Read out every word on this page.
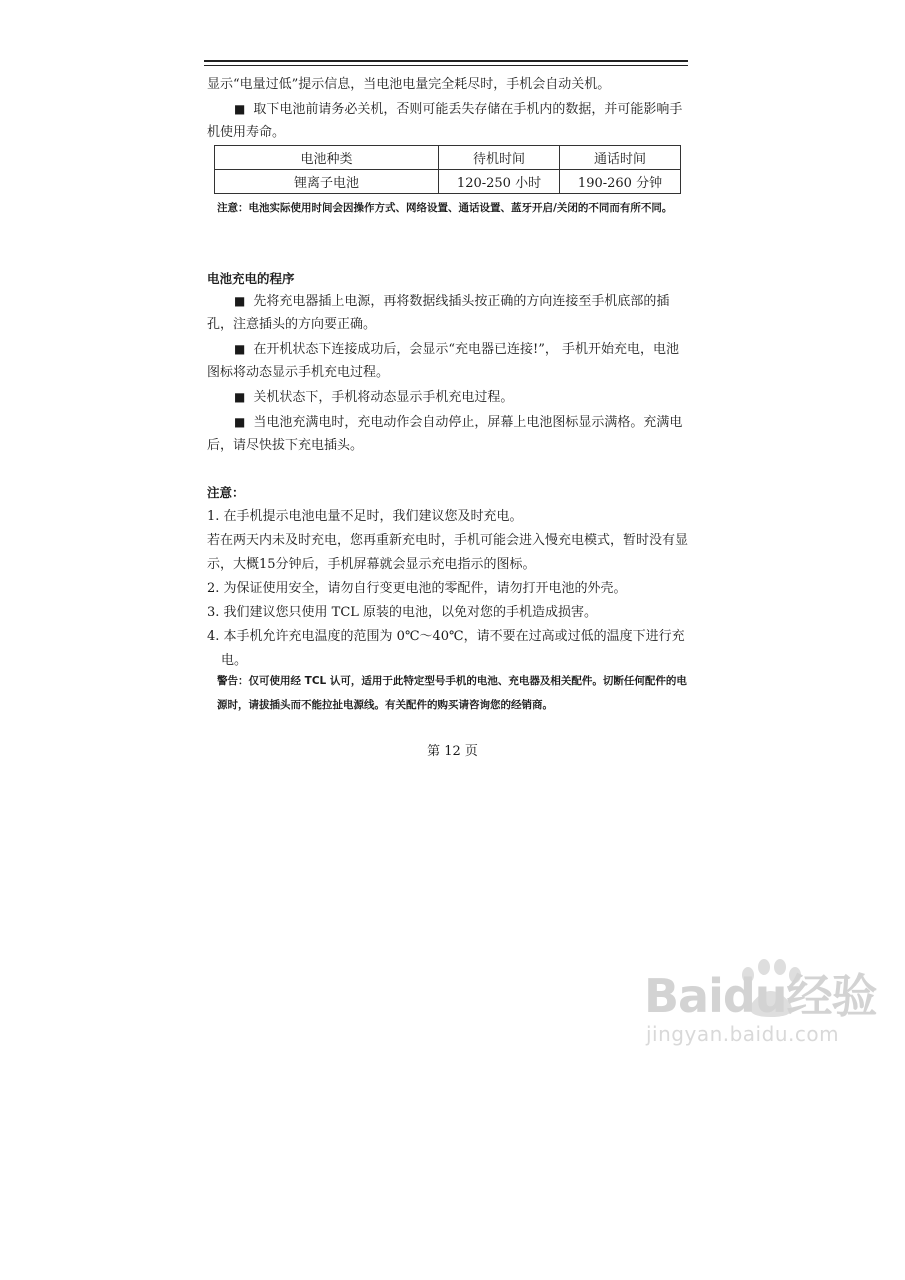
显示“电量过低”提示信息，当电池电量完全耗尽时，手机会自动关机。

■ 取下电池前请务必关机，否则可能丢失存储在手机内的数据，并可能影响手机使用寿命。

电池种类	待机时间	通话时间
锂离子电池	120-250 小时	190-260 分钟

注意：电池实际使用时间会因操作方式、网络设置、通话设置、蓝牙开启/关闭的不同而有所不同。

电池充电的程序

■ 先将充电器插上电源，再将数据线插头按正确的方向连接至手机底部的插孔，注意插头的方向要正确。

■ 在开机状态下连接成功后，会显示“充电器已连接!”， 手机开始充电，电池图标将动态显示手机充电过程。

■ 关机状态下，手机将动态显示手机充电过程。

■ 当电池充满电时，充电动作会自动停止，屏幕上电池图标显示满格。充满电后，请尽快拔下充电插头。

注意：

1. 在手机提示电池电量不足时，我们建议您及时充电。

若在两天内未及时充电，您再重新充电时，手机可能会进入慢充电模式，暂时没有显示，大概15分钟后，手机屏幕就会显示充电指示的图标。

2. 为保证使用安全，请勿自行变更电池的零配件，请勿打开电池的外壳。

3. 我们建议您只使用 TCL 原装的电池，以免对您的手机造成损害。

4. 本手机允许充电温度的范围为 0℃～40℃，请不要在过高或过低的温度下进行充
电。

警告：仅可使用经 TCL 认可，适用于此特定型号手机的电池、充电器及相关配件。切断任何配件的电源时，请拔插头而不能拉扯电源线。有关配件的购买请咨询您的经销商。

第 12 页

Baidu经验

jingyan.baidu.com
